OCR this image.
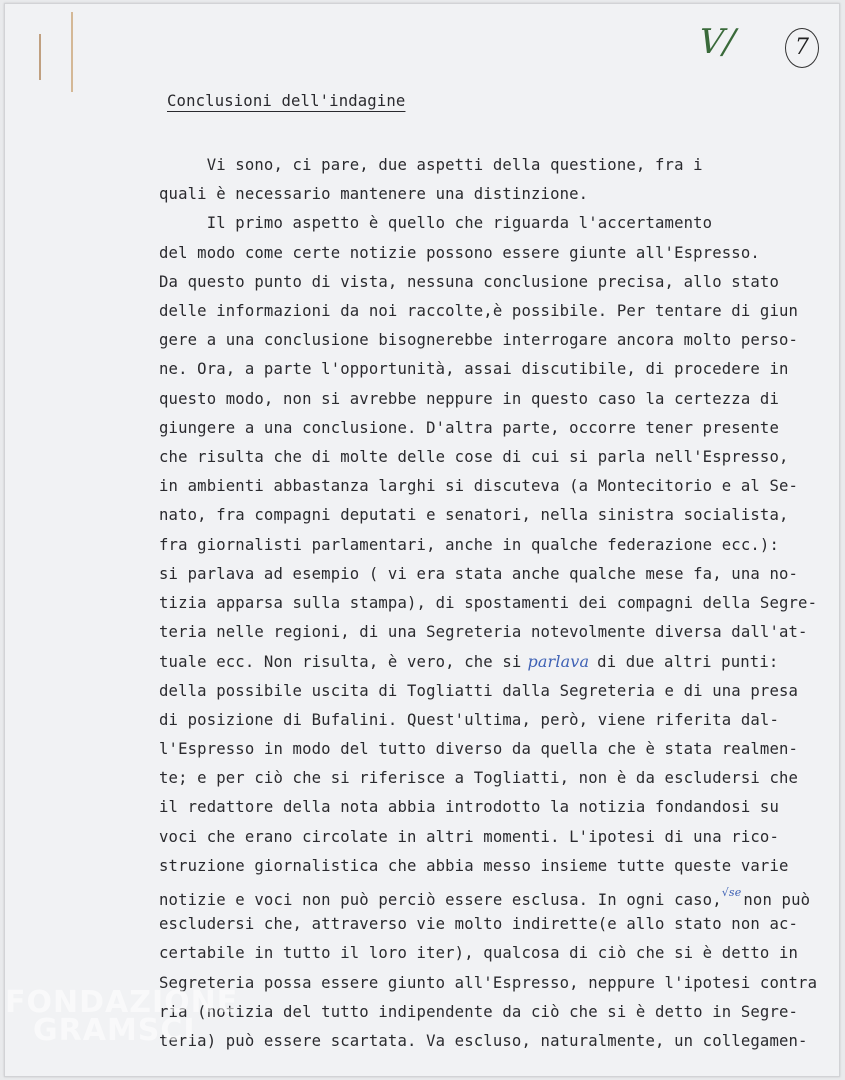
V/	7
Conclusioni dell'indagine
Vi sono, ci pare, due aspetti della questione, fra i
quali è necessario mantenere una distinzione.
Il primo aspetto è quello che riguarda l'accertamento
del modo come certe notizie possono essere giunte all'Espresso.
Da questo punto di vista, nessuna conclusione precisa, allo stato
delle informazioni da noi raccolte,è possibile. Per tentare di giun
gere a una conclusione bisognerebbe interrogare ancora molto perso-
ne. Ora, a parte l'opportunità, assai discutibile, di procedere in
questo modo, non si avrebbe neppure in questo caso la certezza di
giungere a una conclusione. D'altra parte, occorre tener presente
che risulta che di molte delle cose di cui si parla nell'Espresso,
in ambienti abbastanza larghi si discuteva (a Montecitorio e al Se-
nato, fra compagni deputati e senatori, nella sinistra socialista,
fra giornalisti parlamentari, anche in qualche federazione ecc.):
si parlava ad esempio ( vi era stata anche qualche mese fa, una no-
tizia apparsa sulla stampa), di spostamenti dei compagni della Segre-
teria nelle regioni, di una Segreteria notevolmente diversa dall'at-
tuale ecc. Non risulta, è vero, che si parlava di due altri punti:
della possibile uscita di Togliatti dalla Segreteria e di una presa
di posizione di Bufalini. Quest'ultima, però, viene riferita dal-
l'Espresso in modo del tutto diverso da quella che è stata realmen-
te; e per ciò che si riferisce a Togliatti, non è da escludersi che
il redattore della nota abbia introdotto la notizia fondandosi su
voci che erano circolate in altri momenti. L'ipotesi di una rico-
struzione giornalistica che abbia messo insieme tutte queste varie
notizie e voci non può perciò essere esclusa. In ogni caso,$^{√se}$ non può
escludersi che, attraverso vie molto indirette(e allo stato non ac-
certabile in tutto il loro iter), qualcosa di ciò che si è detto in
Segreteria possa essere giunto all'Espresso, neppure l'ipotesi contra
ria (notizia del tutto indipendente da ciò che si è detto in Segre-
teria) può essere scartata. Va escluso, naturalmente, un collegamen-
FONDAZIONE
GRAMSCI
